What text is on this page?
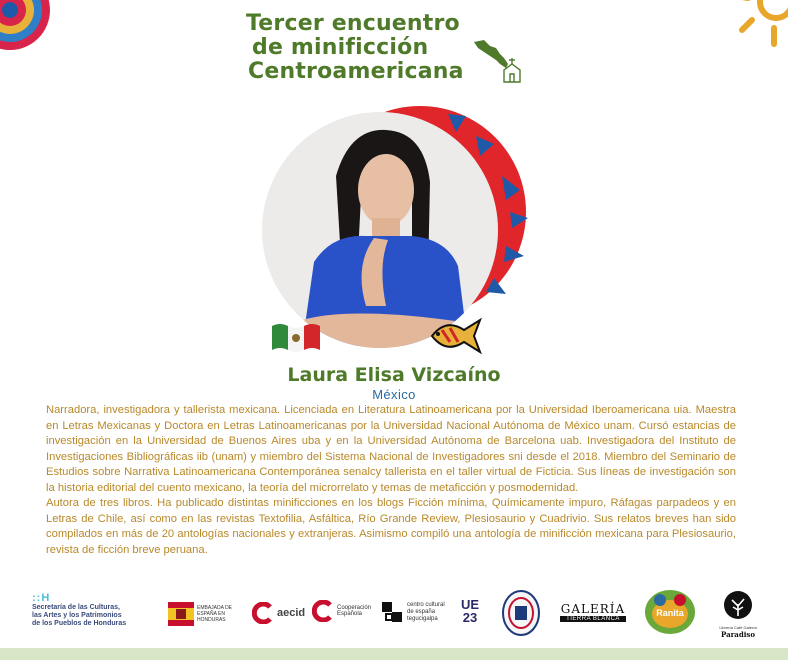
Tercer encuentro
de minificción
Centroamericana
Laura Elisa Vizcaíno
México

Narradora, investigadora y tallerista mexicana. Licenciada en Literatura Latinoamericana por la Universidad Iberoamericana uia. Maestra en Letras Mexicanas y Doctora en Letras Latinoamericanas por la Universidad Nacional Autónoma de México unam. Cursó estancias de investigación en la Universidad de Buenos Aires uba y en la Universidad Autónoma de Barcelona uab. Investigadora del Instituto de Investigaciones Bibliográficas iib (unam) y miembro del Sistema Nacional de Investigadores sni desde el 2018. Miembro del Seminario de Estudios sobre Narrativa Latinoamericana Contemporánea senalcy tallerista en el taller virtual de Ficticia. Sus líneas de investigación son la historia editorial del cuento mexicano, la teoría del microrrelato y temas de metaficción y posmodernidad.

Autora de tres libros. Ha publicado distintas minificciones en los blogs Ficción mínima, Químicamente impuro, Ráfagas parpadeos y en Letras de Chile, así como en las revistas Textofilia, Asfáltica, Río Grande Review, Plesiosaurio y Cuadrivio. Sus relatos breves han sido compilados en más de 20 antologías nacionales y extranjeras. Asimismo compiló una antología de minificción mexicana para Plesiosaurio, revista de ficción breve peruana.

::H
Secretaría de las Culturas,
las Artes y los Patrimonios
de los Pueblos de Honduras
EMBAJADA DE ESPAÑA EN HONDURAS
aecid	Cooperación
Española
centro cultural
de españa
tegucigalpa
UE
23
GALERÍA
TIERRA BLANCA
Ranita
Librería Café Galería
Paradiso
